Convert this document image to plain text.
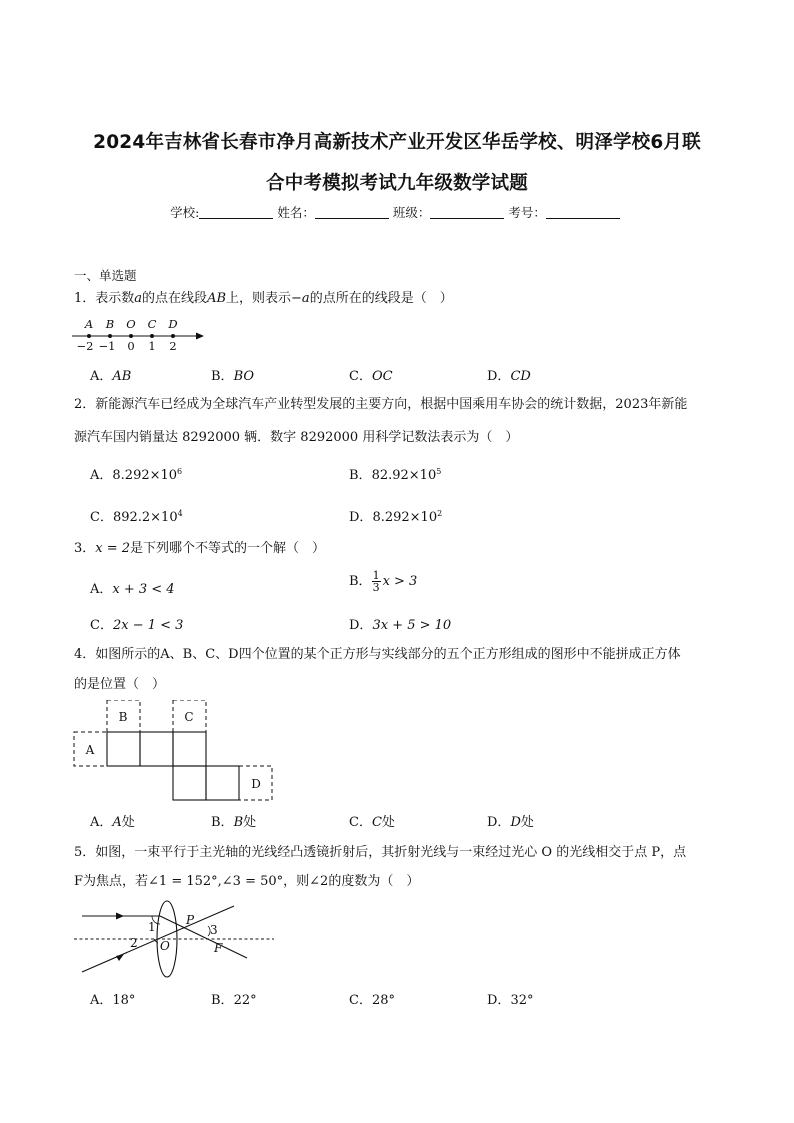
2024年吉林省长春市净月高新技术产业开发区华岳学校、明泽学校6月联
合中考模拟考试九年级数学试题
学校:	姓名：	班级：	考号：
一、单选题
1．表示数a的点在线段AB上，则表示−a的点所在的线段是（　）
A B O C D
−2 −1 0 1 2
A．AB	B．BO	C．OC	D．CD
2．新能源汽车已经成为全球汽车产业转型发展的主要方向，根据中国乘用车协会的统计数据，2023年新能
源汽车国内销量达 8292000 辆．数字 8292000 用科学记数法表示为（　）
A．$8.292\times 10^6$	B．$82.92\times 10^5$
C．$892.2\times 10^4$	D．$8.292\times 10^2$
3．x = 2是下列哪个不等式的一个解（　）
A．x + 3 < 4
B． $\frac{1}{3}$ x > 3
C．2x − 1 < 3	D．3x + 5 > 10
4．如图所示的A、B、C、D四个位置的某个正方形与实线部分的五个正方形组成的图形中不能拼成正方体
的是位置（　）
A
B	C
D
A．A处	B．B处	C．C处	D．D处
5．如图，一束平行于主光轴的光线经凸透镜折射后，其折射光线与一束经过光心 O 的光线相交于点 P，点
F为焦点，若∠1 = 152°,∠3 = 50°，则∠2的度数为（　）
1
2
3
P
O	F
A．18°	B．22°	C．28°	D．32°
